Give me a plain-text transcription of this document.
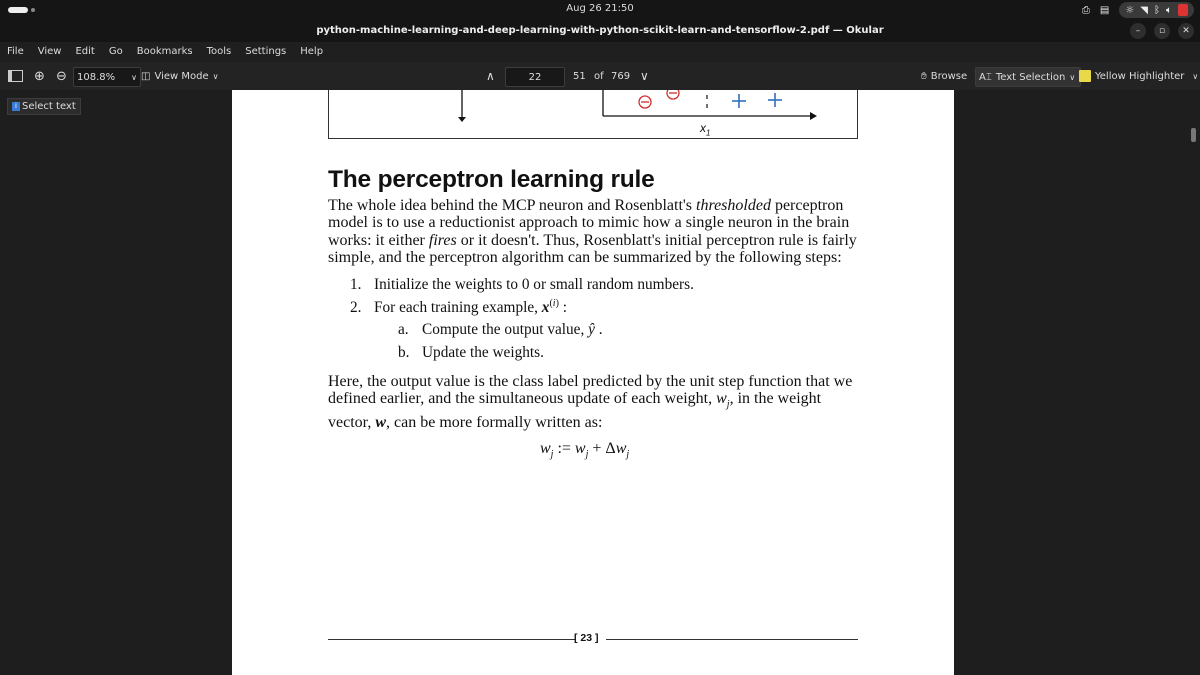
Aug 26 21:50	⎙ ▤ ☼ ◥ ᛒ 🔈︎
python-machine-learning-and-deep-learning-with-python-scikit-learn-and-tensorflow-2.pdf — Okular	–	▫	✕
File	View	Edit	Go	Bookmarks	Tools	Settings	Help
⊕ ⊖ 108.8% ∨ ◫ View Mode ∨	∧	22	51 of 769 ∨	✋︎ Browse A⌶ Text Selection ∨ Yellow Highlighter ∨
i Select text
$x_1$
The perceptron learning rule

The whole idea behind the MCP neuron and Rosenblatt's thresholded perceptron model is to use a reductionist approach to mimic how a single neuron in the brain works: it either fires or it doesn't. Thus, Rosenblatt's initial perceptron rule is fairly simple, and the perceptron algorithm can be summarized by the following steps:

1. Initialize the weights to 0 or small random numbers.
2. For each training example, $x^{(i)}$ :
a. Compute the output value, ŷ .
b. Update the weights.

Here, the output value is the class label predicted by the unit step function that we defined earlier, and the simultaneous update of each weight, $w_j$, in the weight vector, w, can be more formally written as:

$w_j$ := $w_j + \Delta w_j$
[ 23 ]
